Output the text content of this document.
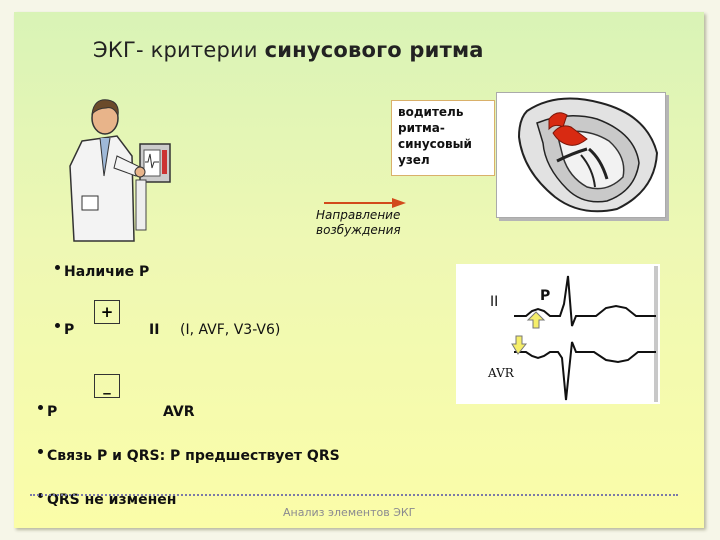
ЭКГ- критерии синусового ритма
водитель
ритма-
синусовый
узел
Направление
возбуждения
II	P
AVR
Наличие P
P
+
II (I, AVF, V3-V6)
_
P	AVR
Связь P и QRS: P предшествует QRS
QRS не изменен
Анализ элементов ЭКГ
